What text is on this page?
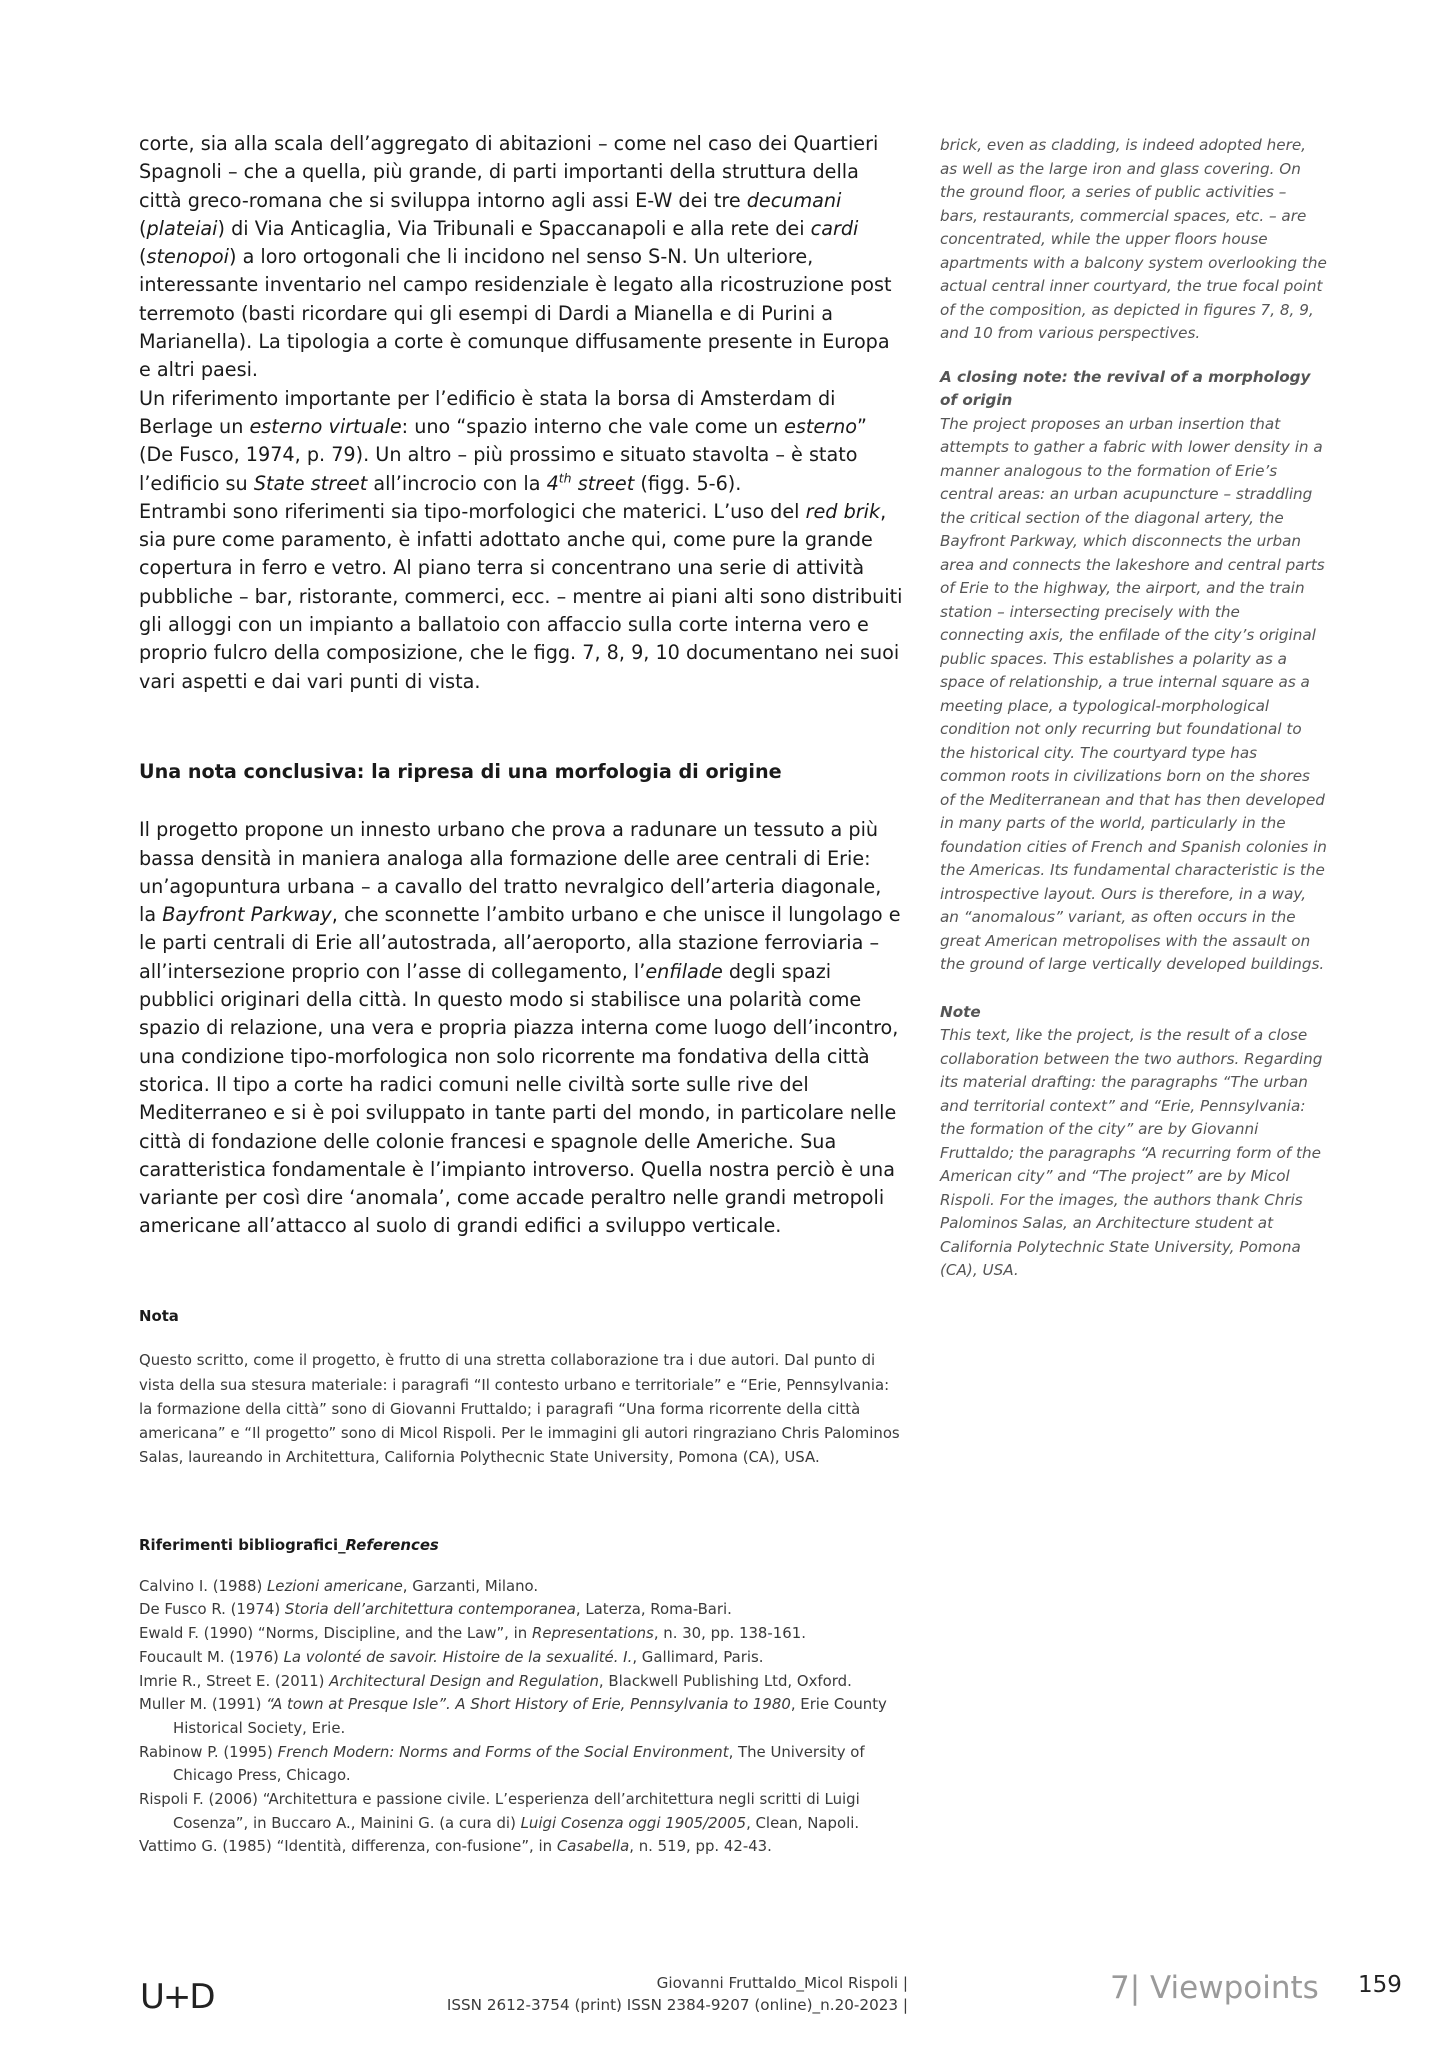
corte, sia alla scala dell’aggregato di abitazioni – come nel caso dei Quartieri Spagnoli – che a quella, più grande, di parti importanti della struttura della città greco-romana che si sviluppa intorno agli assi E-W dei tre decumani (plateiai) di Via Anticaglia, Via Tribunali e Spaccanapoli e alla rete dei cardi (stenopoi) a loro ortogonali che li incidono nel senso S-N. Un ulteriore, interessante inventario nel campo residenziale è legato alla ricostruzione post terremoto (basti ricordare qui gli esempi di Dardi a Mianella e di Purini a Marianella). La tipologia a corte è comunque diffusamente presente in Europa e altri paesi.

Un riferimento importante per l’edificio è stata la borsa di Amsterdam di Berlage un esterno virtuale: uno “spazio interno che vale come un esterno” (De Fusco, 1974, p. 79). Un altro – più prossimo e situato stavolta – è stato l’edificio su State street all’incrocio con la 4th street (figg. 5-6).

Entrambi sono riferimenti sia tipo-morfologici che materici. L’uso del red brik, sia pure come paramento, è infatti adottato anche qui, come pure la grande copertura in ferro e vetro. Al piano terra si concentrano una serie di attività pubbliche – bar, ristorante, commerci, ecc. – mentre ai piani alti sono distribuiti gli alloggi con un impianto a ballatoio con affaccio sulla corte interna vero e proprio fulcro della composizione, che le figg. 7, 8, 9, 10 documentano nei suoi vari aspetti e dai vari punti di vista.

Una nota conclusiva: la ripresa di una morfologia di origine

Il progetto propone un innesto urbano che prova a radunare un tessuto a più bassa densità in maniera analoga alla formazione delle aree centrali di Erie: un’agopuntura urbana – a cavallo del tratto nevralgico dell’arteria diagonale, la Bayfront Parkway, che sconnette l’ambito urbano e che unisce il lungolago e le parti centrali di Erie all’autostrada, all’aeroporto, alla stazione ferroviaria – all’intersezione proprio con l’asse di collegamento, l’enfilade degli spazi pubblici originari della città. In questo modo si stabilisce una polarità come spazio di relazione, una vera e propria piazza interna come luogo dell’incontro, una condizione tipo-morfologica non solo ricorrente ma fondativa della città storica. Il tipo a corte ha radici comuni nelle civiltà sorte sulle rive del Mediterraneo e si è poi sviluppato in tante parti del mondo, in particolare nelle città di fondazione delle colonie francesi e spagnole delle Americhe. Sua caratteristica fondamentale è l’impianto introverso. Quella nostra perciò è una variante per così dire ‘anomala’, come accade peraltro nelle grandi metropoli americane all’attacco al suolo di grandi edifici a sviluppo verticale.

brick, even as cladding, is indeed adopted here, as well as the large iron and glass covering. On the ground floor, a series of public activities – bars, restaurants, commercial spaces, etc. – are concentrated, while the upper floors house apartments with a balcony system overlooking the actual central inner courtyard, the true focal point of the composition, as depicted in figures 7, 8, 9, and 10 from various perspectives.

A closing note: the revival of a morphology of origin

The project proposes an urban insertion that attempts to gather a fabric with lower density in a manner analogous to the formation of Erie’s central areas: an urban acupuncture – straddling the critical section of the diagonal artery, the Bayfront Parkway, which disconnects the urban area and connects the lakeshore and central parts of Erie to the highway, the airport, and the train station – intersecting precisely with the connecting axis, the enfilade of the city’s original public spaces. This establishes a polarity as a space of relationship, a true internal square as a meeting place, a typological-morphological condition not only recurring but foundational to the historical city. The courtyard type has common roots in civilizations born on the shores of the Mediterranean and that has then developed in many parts of the world, particularly in the foundation cities of French and Spanish colonies in the Americas. Its fundamental characteristic is the introspective layout. Ours is therefore, in a way, an “anomalous” variant, as often occurs in the great American metropolises with the assault on the ground of large vertically developed buildings.

Note

This text, like the project, is the result of a close collaboration between the two authors. Regarding its material drafting: the paragraphs “The urban and territorial context” and “Erie, Pennsylvania: the formation of the city” are by Giovanni Fruttaldo; the paragraphs “A recurring form of the American city” and “The project” are by Micol Rispoli. For the images, the authors thank Chris Palominos Salas, an Architecture student at California Polytechnic State University, Pomona (CA), USA.

Nota
Questo scritto, come il progetto, è frutto di una stretta collaborazione tra i due autori. Dal punto di vista della sua stesura materiale: i paragrafi “Il contesto urbano e territoriale” e “Erie, Pennsylvania: la formazione della città” sono di Giovanni Fruttaldo; i paragrafi “Una forma ricorrente della città americana” e “Il progetto” sono di Micol Rispoli. Per le immagini gli autori ringraziano Chris Palominos Salas, laureando in Architettura, California Polythecnic State University, Pomona (CA), USA.
Riferimenti bibliografici_References
Calvino I. (1988) Lezioni americane, Garzanti, Milano.
De Fusco R. (1974) Storia dell’architettura contemporanea, Laterza, Roma-Bari.
Ewald F. (1990) “Norms, Discipline, and the Law”, in Representations, n. 30, pp. 138-161.
Foucault M. (1976) La volonté de savoir. Histoire de la sexualité. I., Gallimard, Paris.
Imrie R., Street E. (2011) Architectural Design and Regulation, Blackwell Publishing Ltd, Oxford.
Muller M. (1991) “A town at Presque Isle”. A Short History of Erie, Pennsylvania to 1980, Erie County Historical Society, Erie.
Rabinow P. (1995) French Modern: Norms and Forms of the Social Environment, The University of Chicago Press, Chicago.
Rispoli F. (2006) “Architettura e passione civile. L’esperienza dell’architettura negli scritti di Luigi Cosenza”, in Buccaro A., Mainini G. (a cura di) Luigi Cosenza oggi 1905/2005, Clean, Napoli.
Vattimo G. (1985) “Identità, differenza, con-fusione”, in Casabella, n. 519, pp. 42-43.
U+D	Giovanni Fruttaldo_Micol Rispoli |
ISSN 2612-3754 (print) ISSN 2384-9207 (online)_n.20-2023 |	7| Viewpoints 159
